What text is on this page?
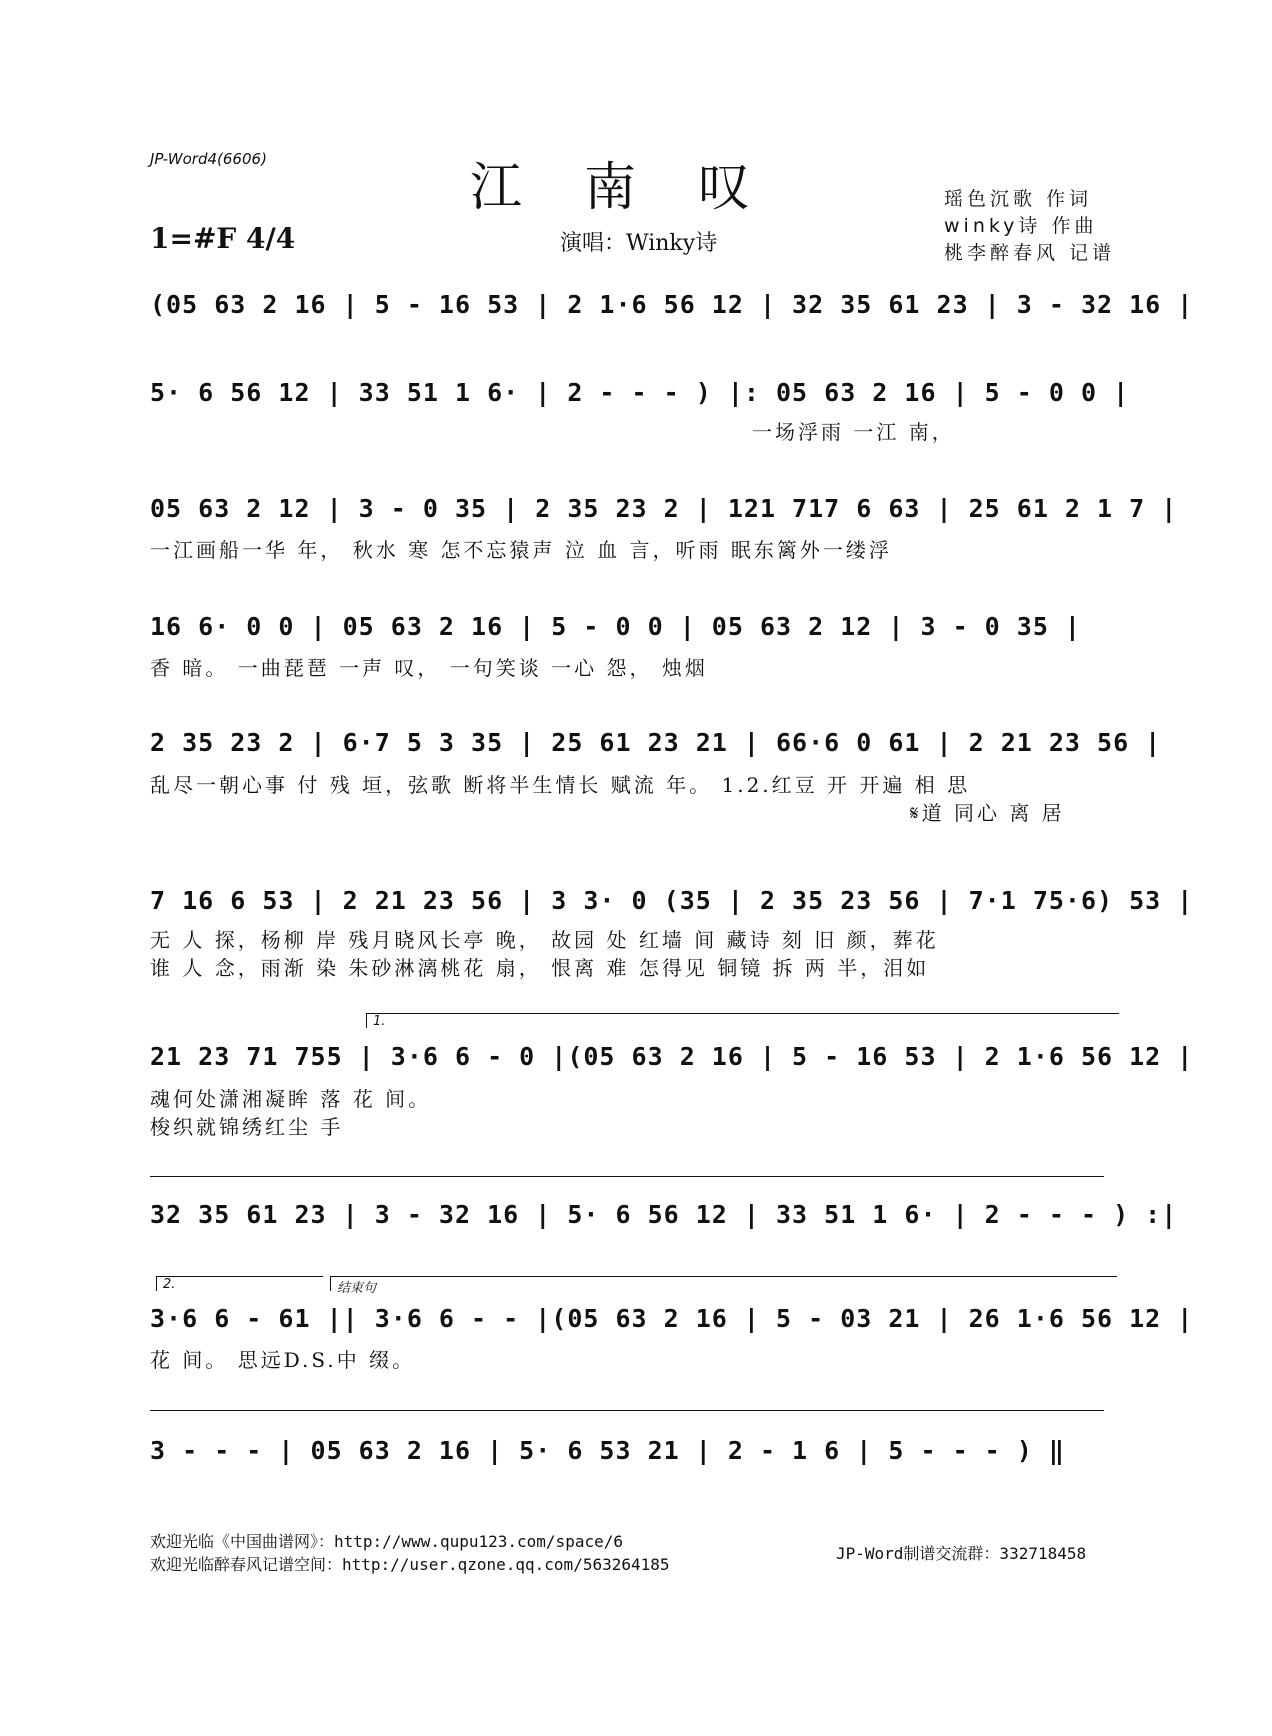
JP-Word4(6606)	江南叹
1=#F 4/4	演唱：Winky诗
瑶色沉歌 作词
winky诗 作曲
桃李醉春风 记谱
(05 63 2 16 | 5 - 16 53 | 2 1·6 56 12 | 32 35 61 23 | 3 - 32 16 |
5· 6 56 12 | 33 51 1 6· | 2 - - - ) |: 05 63 2 16 | 5 - 0 0 |
一场浮雨 一江 南，
05 63 2 12 | 3 - 0 35 | 2 35 23 2 | 121 717 6 63 | 25 61 2 1 7 |
一江画船一华 年， 秋水 寒 怎不忘猿声 泣 血 言，听雨 眠东篱外一缕浮
16 6· 0 0 | 05 63 2 16 | 5 - 0 0 | 05 63 2 12 | 3 - 0 35 |
香 暗。 一曲琵琶 一声 叹， 一句笑谈 一心 怨， 烛烟
2 35 23 2 | 6·7 5 3 35 | 25 61 23 21 | 66·6 0 61 | 2 21 23 56 |
乱尽一朝心事 付 残 垣，弦歌 断将半生情长 赋流 年。 1.2.红豆 开 开遍 相 思
𝄋道 同心 离 居
7 16 6 53 | 2 21 23 56 | 3 3· 0 (35 | 2 35 23 56 | 7·1 75·6) 53 |
无 人 探，杨柳 岸 残月晓风长亭 晚， 故园 处 红墙 间 藏诗 刻 旧 颜，葬花
谁 人 念，雨渐 染 朱砂淋漓桃花 扇， 恨离 难 怎得见 铜镜 拆 两 半，泪如
1.
21 23 71 755 | 3·6 6 - 0 |(05 63 2 16 | 5 - 16 53 | 2 1·6 56 12 |
魂何处潇湘凝眸 落 花 间。
梭织就锦绣红尘 手
32 35 61 23 | 3 - 32 16 | 5· 6 56 12 | 33 51 1 6· | 2 - - - ) :|
2.	结束句
3·6 6 - 61 || 3·6 6 - - |(05 63 2 16 | 5 - 03 21 | 26 1·6 56 12 |
花 间。 思远D.S.中 缀。
3 - - - | 05 63 2 16 | 5· 6 53 21 | 2 - 1 6 | 5 - - - ) ‖
欢迎光临《中国曲谱网》：http://www.qupu123.com/space/6
欢迎光临醉春风记谱空间：http://user.qzone.qq.com/563264185
JP-Word制谱交流群：332718458
